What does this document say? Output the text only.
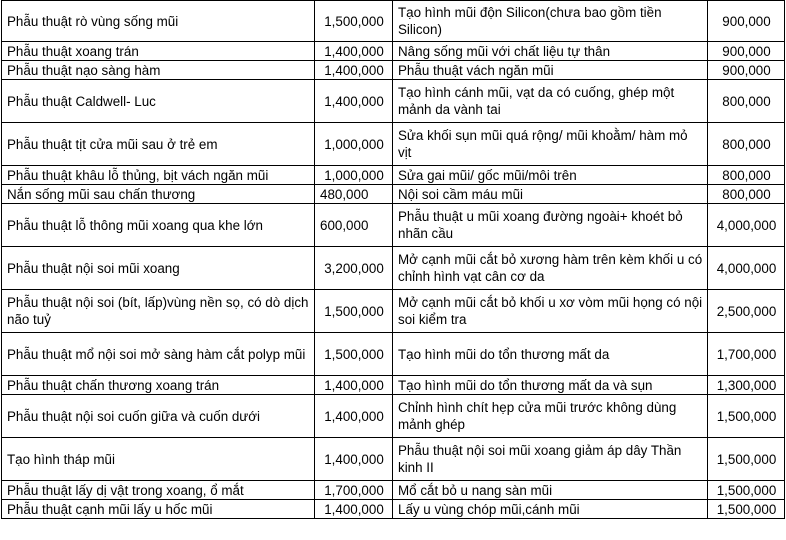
Phẫu thuật rò vùng sống mũi	1,500,000	Tạo hình mũi độn Silicon(chưa bao gồm tiền Silicon)	900,000
Phẫu thuật xoang trán	1,400,000	Nâng sống mũi với chất liệu tự thân	900,000
Phẫu thuật nạo sàng hàm	1,400,000	Phẫu thuật vách ngăn mũi	900,000
Phẫu thuật Caldwell- Luc	1,400,000	Tạo hình cánh mũi, vạt da có cuống, ghép một mảnh da vành tai	800,000
Phẫu thuật tịt cửa mũi sau ở trẻ em	1,000,000	Sửa khối sụn mũi quá rộng/ mũi khoằm/ hàm mỏ vịt	800,000
Phẫu thuật khâu lỗ thủng, bịt vách ngăn mũi	1,000,000	Sửa gai mũi/ gốc mũi/môi trên	800,000
Nắn sống mũi sau chấn thương	480,000	Nội soi cầm máu mũi	800,000
Phẫu thuật lỗ thông mũi xoang qua khe lớn	600,000	Phẫu thuật u mũi xoang đường ngoài+ khoét bỏ nhãn cầu	4,000,000
Phẫu thuật nội soi mũi xoang	3,200,000	Mở cạnh mũi cắt bỏ xương hàm trên kèm khối u có chỉnh hình vạt cân cơ da	4,000,000
Phẫu thuật nội soi (bít, lấp)vùng nền sọ, có dò dịch não tuỷ	1,500,000	Mở cạnh mũi cắt bỏ khối u xơ vòm mũi họng có nội soi kiểm tra	2,500,000
Phẫu thuật mổ nội soi mở sàng hàm cắt polyp mũi	1,500,000	Tạo hình mũi do tổn thương mất da	1,700,000
Phẫu thuật chấn thương xoang trán	1,400,000	Tạo hình mũi do tổn thương mất da và sụn	1,300,000
Phẫu thuật nội soi cuốn giữa và cuốn dưới	1,400,000	Chỉnh hình chít hẹp cửa mũi trước không dùng mảnh ghép	1,500,000
Tạo hình tháp mũi	1,400,000	Phẫu thuật nội soi mũi xoang giảm áp dây Thần kinh II	1,500,000
Phẫu thuật lấy dị vật trong xoang, ổ mắt	1,700,000	Mổ cắt bỏ u nang sàn mũi	1,500,000
Phẫu thuật cạnh mũi lấy u hốc mũi	1,400,000	Lấy u vùng chóp mũi,cánh mũi	1,500,000
